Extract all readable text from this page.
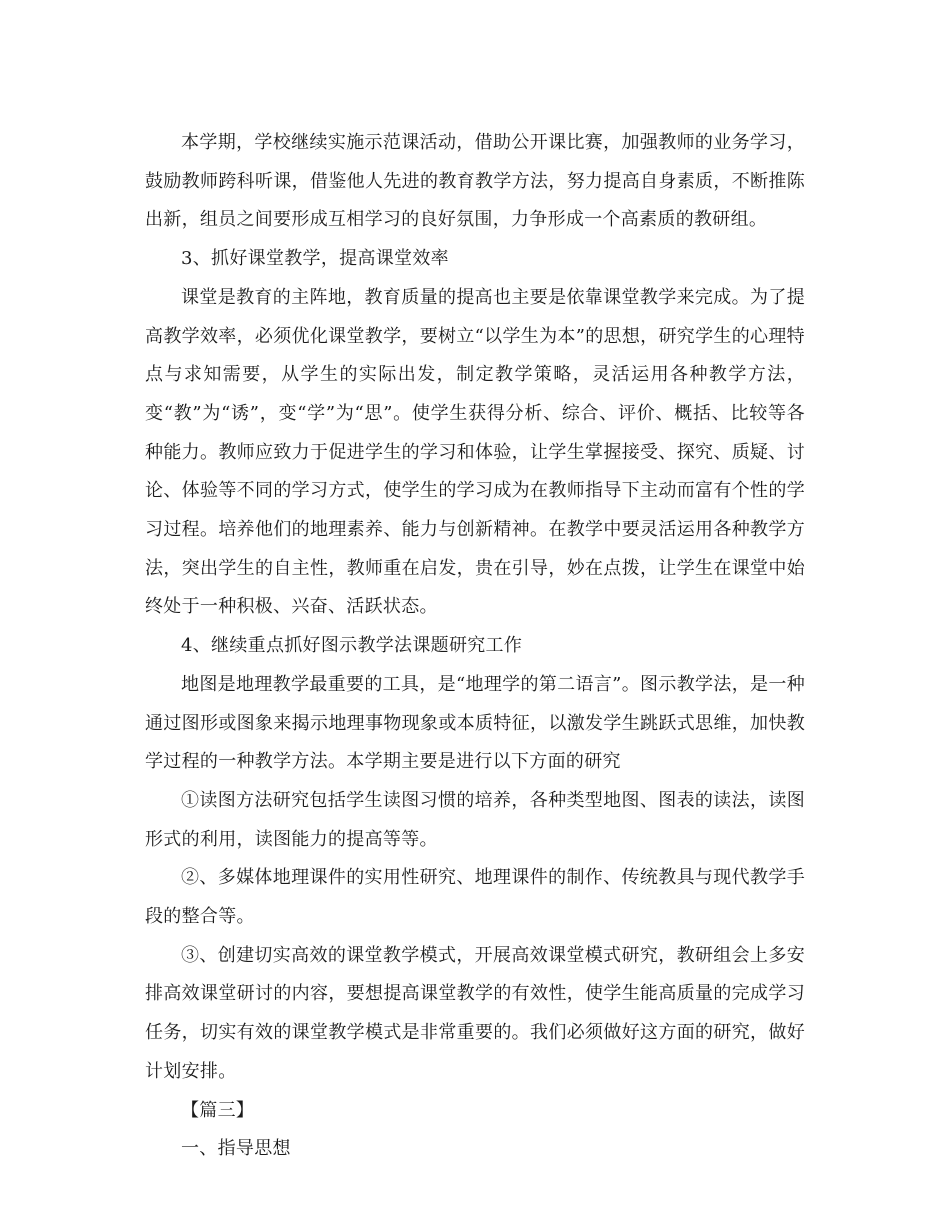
本学期，学校继续实施示范课活动，借助公开课比赛，加强教师的业务学习，鼓励教师跨科听课，借鉴他人先进的教育教学方法，努力提高自身素质，不断推陈出新，组员之间要形成互相学习的良好氛围，力争形成一个高素质的教研组。

3、抓好课堂教学，提高课堂效率

课堂是教育的主阵地，教育质量的提高也主要是依靠课堂教学来完成。为了提高教学效率，必须优化课堂教学，要树立“以学生为本”的思想，研究学生的心理特点与求知需要，从学生的实际出发，制定教学策略，灵活运用各种教学方法，变“教”为“诱”，变“学”为“思”。使学生获得分析、综合、评价、概括、比较等各种能力。教师应致力于促进学生的学习和体验，让学生掌握接受、探究、质疑、讨论、体验等不同的学习方式，使学生的学习成为在教师指导下主动而富有个性的学习过程。培养他们的地理素养、能力与创新精神。在教学中要灵活运用各种教学方法，突出学生的自主性，教师重在启发，贵在引导，妙在点拨，让学生在课堂中始终处于一种积极、兴奋、活跃状态。

4、继续重点抓好图示教学法课题研究工作

地图是地理教学最重要的工具，是“地理学的第二语言”。图示教学法，是一种通过图形或图象来揭示地理事物现象或本质特征，以激发学生跳跃式思维，加快教学过程的一种教学方法。本学期主要是进行以下方面的研究

①读图方法研究包括学生读图习惯的培养，各种类型地图、图表的读法，读图形式的利用，读图能力的提高等等。

②、多媒体地理课件的实用性研究、地理课件的制作、传统教具与现代教学手段的整合等。

③、创建切实高效的课堂教学模式，开展高效课堂模式研究，教研组会上多安排高效课堂研讨的内容，要想提高课堂教学的有效性，使学生能高质量的完成学习任务，切实有效的课堂教学模式是非常重要的。我们必须做好这方面的研究，做好计划安排。

【篇三】

一、指导思想
